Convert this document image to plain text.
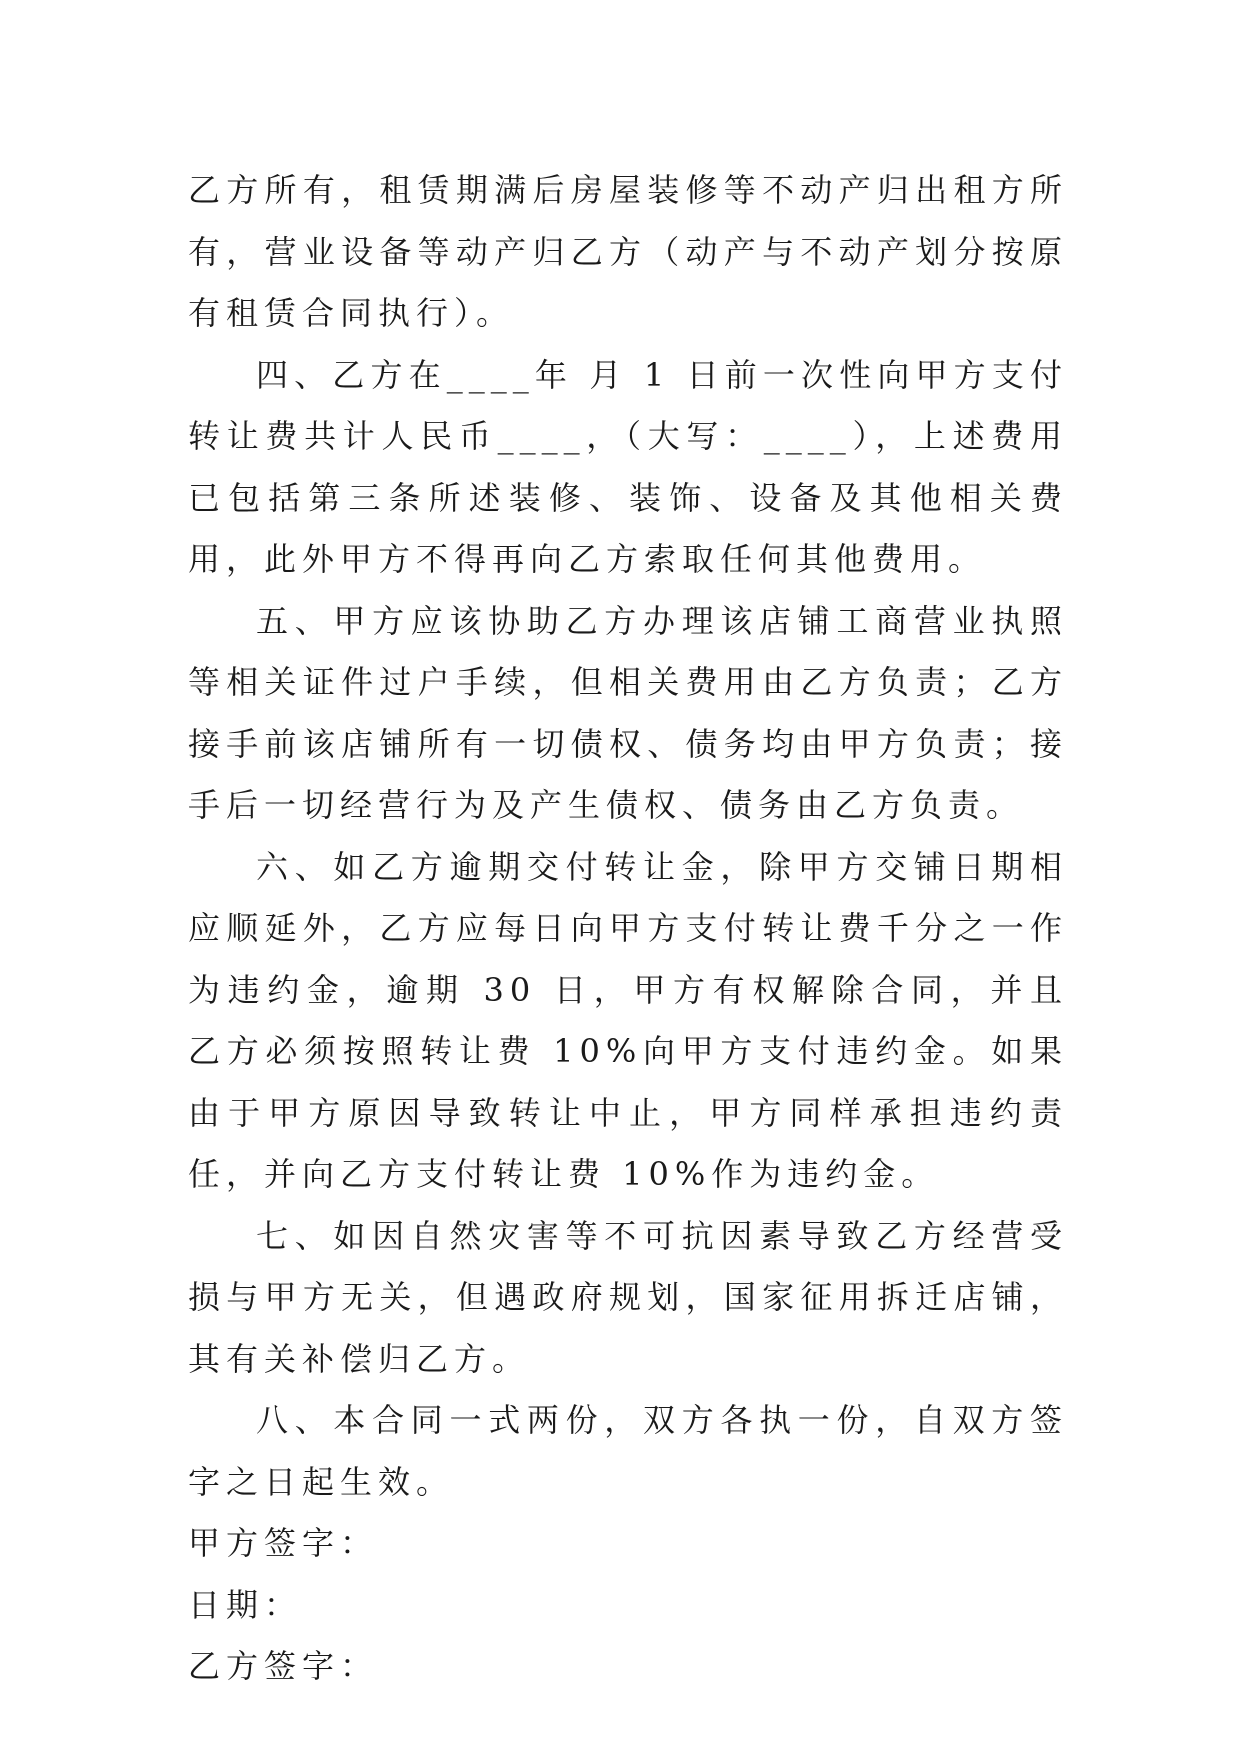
乙方所有，租赁期满后房屋装修等不动产归出租方所有，营业设备等动产归乙方（动产与不动产划分按原有租赁合同执行）。

四、乙方在____年 月 1 日前一次性向甲方支付转让费共计人民币____，（大写：____），上述费用已包括第三条所述装修、装饰、设备及其他相关费用，此外甲方不得再向乙方索取任何其他费用。

五、甲方应该协助乙方办理该店铺工商营业执照等相关证件过户手续，但相关费用由乙方负责；乙方接手前该店铺所有一切债权、债务均由甲方负责；接手后一切经营行为及产生债权、债务由乙方负责。

六、如乙方逾期交付转让金，除甲方交铺日期相应顺延外，乙方应每日向甲方支付转让费千分之一作为违约金，逾期 30 日，甲方有权解除合同，并且乙方必须按照转让费 10%向甲方支付违约金。如果由于甲方原因导致转让中止，甲方同样承担违约责任，并向乙方支付转让费 10%作为违约金。

七、如因自然灾害等不可抗因素导致乙方经营受损与甲方无关，但遇政府规划，国家征用拆迁店铺，其有关补偿归乙方。

八、本合同一式两份，双方各执一份，自双方签字之日起生效。

甲方签字：

日期：

乙方签字：
